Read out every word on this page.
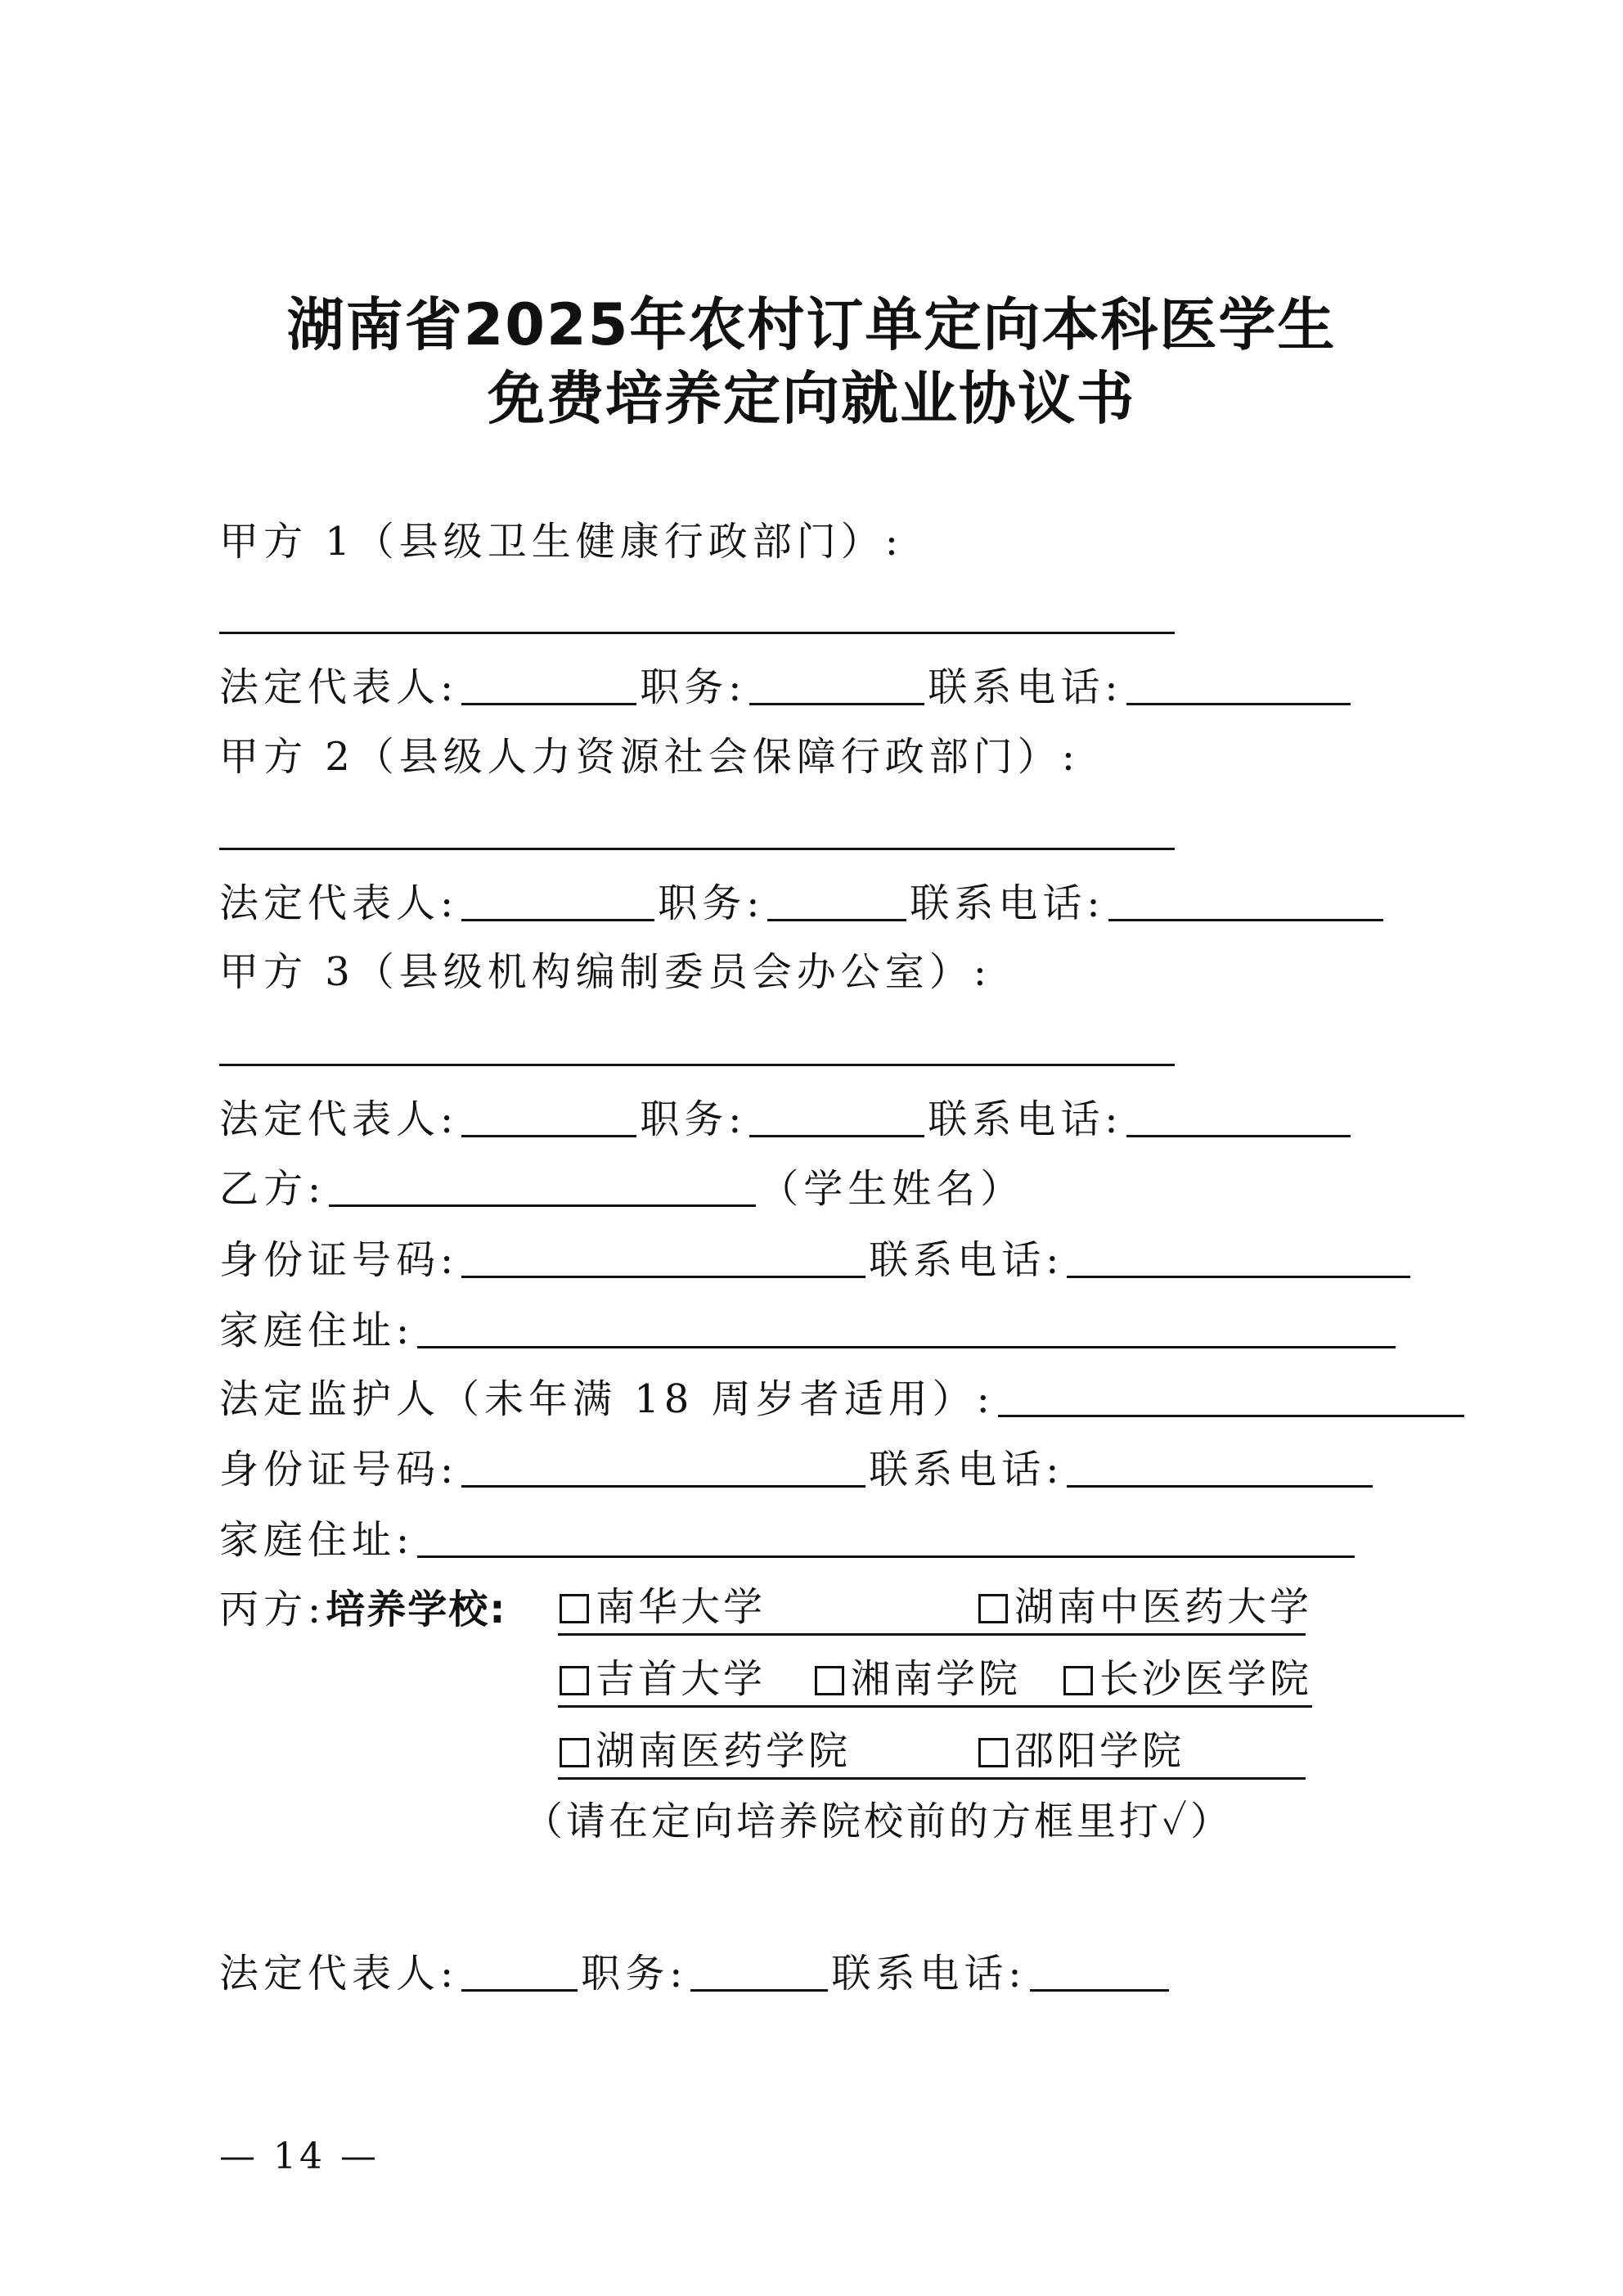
湖南省2025年农村订单定向本科医学生
免费培养定向就业协议书
甲方 1（县级卫生健康行政部门）:
法定代表人:	职务:	联系电话:
甲方 2（县级人力资源社会保障行政部门）:
法定代表人:	职务:	联系电话:
甲方 3（县级机构编制委员会办公室）:
法定代表人:	职务:	联系电话:
乙方:	（学生姓名）
身份证号码:	联系电话:
家庭住址:
法定监护人（未年满 18 周岁者适用）:
身份证号码:	联系电话:
家庭住址:
丙方: 培养学校: 南华大学	湖南中医药大学
吉首大学 湘南学院 长沙医学院
湖南医药学院	邵阳学院
（请在定向培养院校前的方框里打✓）
法定代表人:	职务:	联系电话:
— 14 —
